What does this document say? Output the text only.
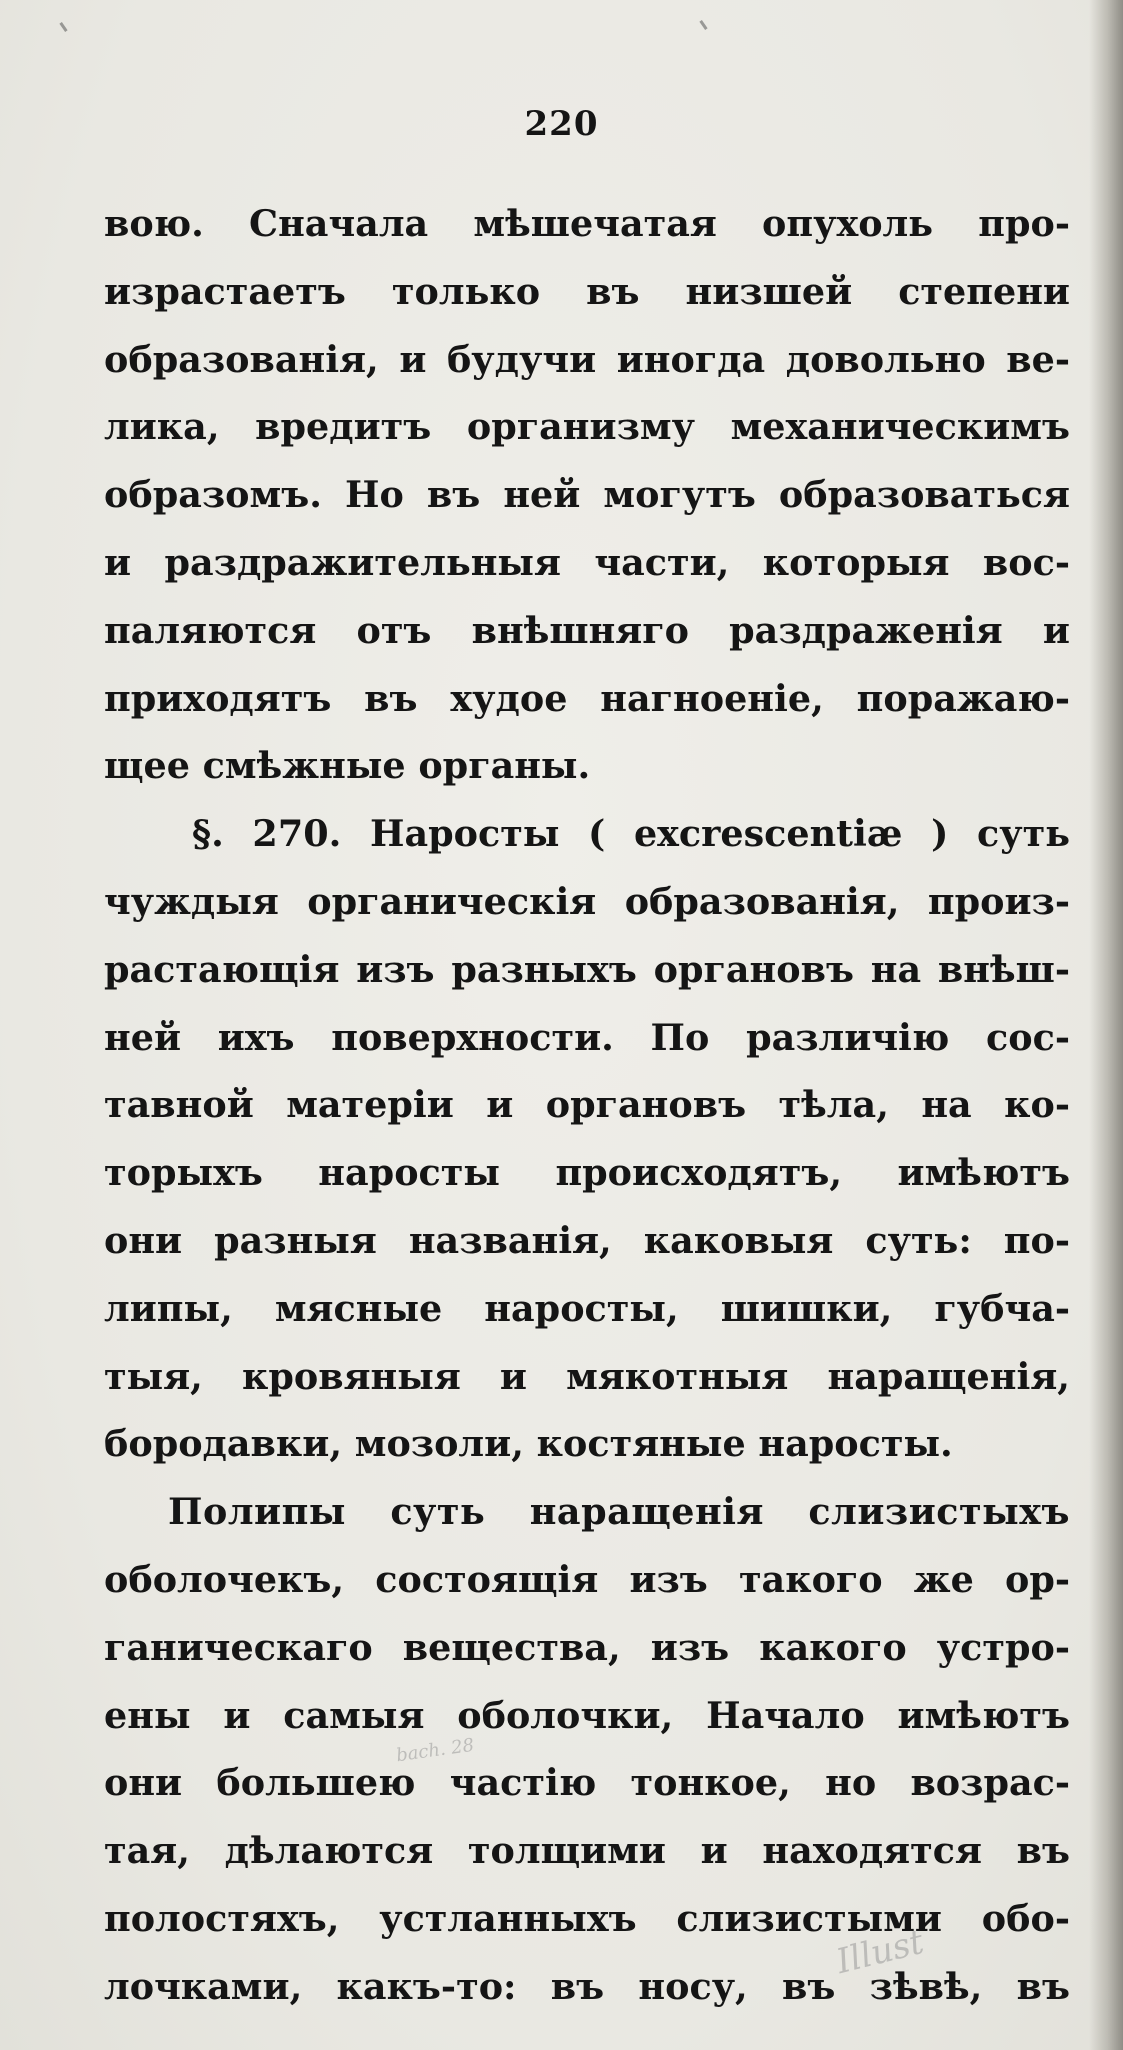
220
вою. Сначала мѣшечатая опухоль про-
израстаетъ только въ низшей степени
образованія, и будучи иногда довольно ве-
лика, вредитъ организму механическимъ
образомъ. Но въ ней могутъ образоваться
и раздражительныя части, которыя вос-
паляются отъ внѣшняго раздраженія и
приходятъ въ худое нагноеніе, поражаю-
щее смѣжные органы.
§. 270. Наросты ( excrescentiæ ) суть
чуждыя органическія образованія, произ-
растающія изъ разныхъ органовъ на внѣш-
ней ихъ поверхности. По различію сос-
тавной матеріи и органовъ тѣла, на ко-
торыхъ наросты происходятъ, имѣютъ
они разныя названія, каковыя суть: по-
липы, мясные наросты, шишки, губча-
тыя, кровяныя и мякотныя наращенія,
бородавки, мозоли, костяные наросты.
Полипы суть наращенія слизистыхъ
оболочекъ, состоящія изъ такого же ор-
ганическаго вещества, изъ какого устро-
ены и самыя оболочки, Начало имѣютъ
они большею частію тонкое, но возрас-
тая, дѣлаются толщими и находятся въ
полостяхъ, устланныхъ слизистыми обо-
лочками, какъ-то: въ носу, въ зѣвѣ, въ
bach. 28
Illust
